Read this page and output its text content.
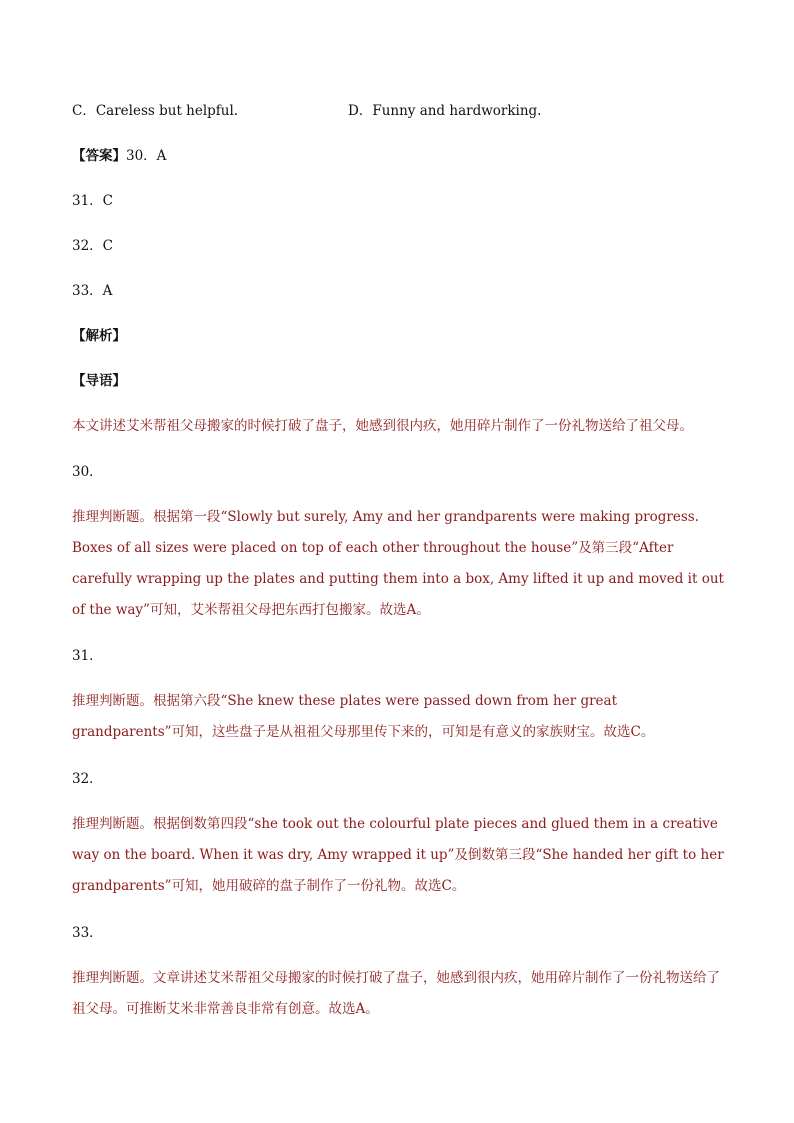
C．Careless but helpful.	D．Funny and hardworking.
【答案】30．A
31．C
32．C
33．A
【解析】
【导语】
本文讲述艾米帮祖父母搬家的时候打破了盘子，她感到很内疚，她用碎片制作了一份礼物送给了祖父母。
30．
推理判断题。根据第一段“Slowly but surely, Amy and her grandparents were making progress. Boxes of all sizes were placed on top of each other throughout the house”及第三段“After carefully wrapping up the plates and putting them into a box, Amy lifted it up and moved it out of the way”可知，艾米帮祖父母把东西打包搬家。故选A。
31．
推理判断题。根据第六段“She knew these plates were passed down from her great grandparents”可知，这些盘子是从祖祖父母那里传下来的，可知是有意义的家族财宝。故选C。
32．
推理判断题。根据倒数第四段“she took out the colourful plate pieces and glued them in a creative way on the board. When it was dry, Amy wrapped it up”及倒数第三段“She handed her gift to her grandparents”可知，她用破碎的盘子制作了一份礼物。故选C。
33．
推理判断题。文章讲述艾米帮祖父母搬家的时候打破了盘子，她感到很内疚，她用碎片制作了一份礼物送给了祖父母。可推断艾米非常善良非常有创意。故选A。
